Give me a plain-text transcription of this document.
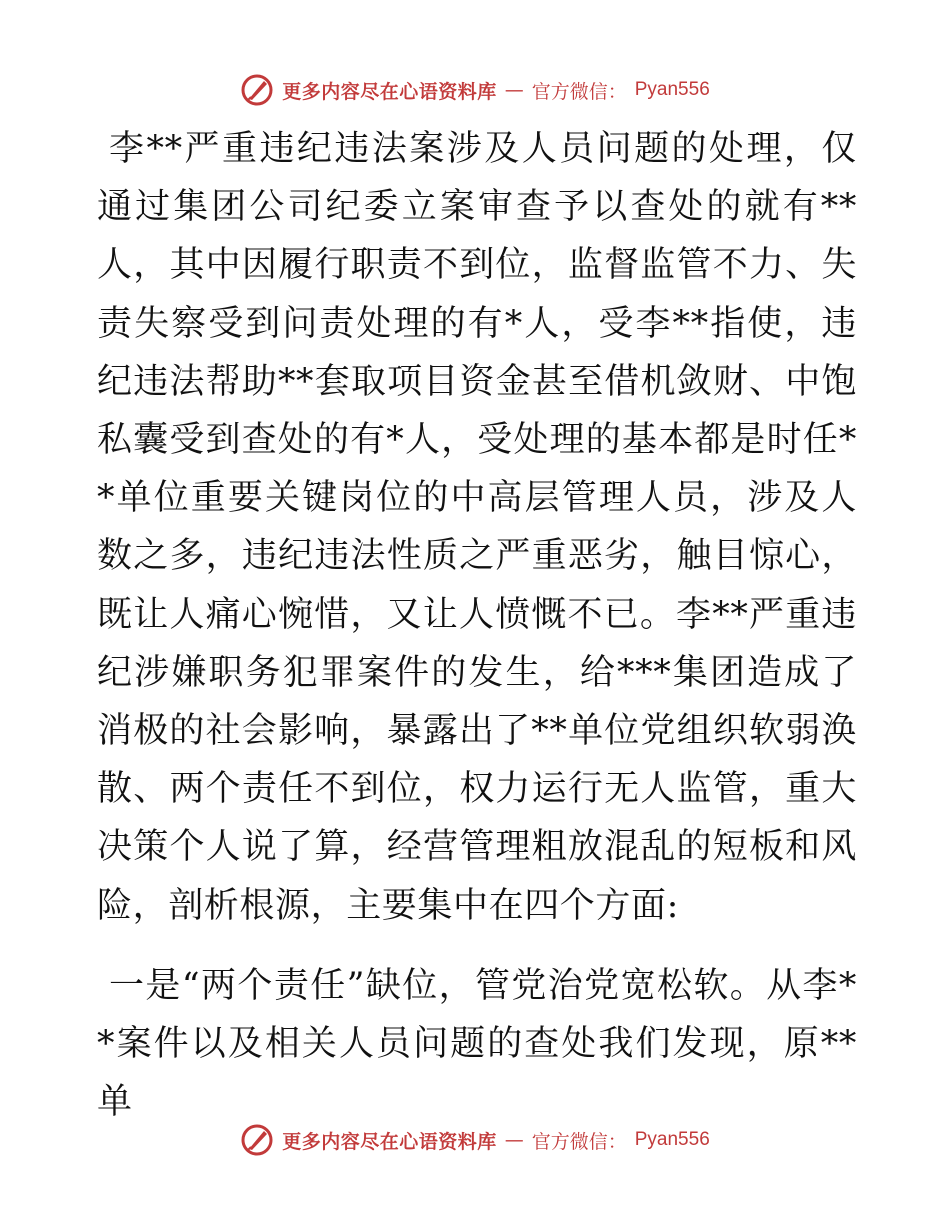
更多内容尽在心语资料库 — 官方微信： Pyan556

李**严重违纪违法案涉及人员问题的处理，仅通过集团公司纪委立案审查予以查处的就有**人，其中因履行职责不到位，监督监管不力、失责失察受到问责处理的有*人，受李**指使，违纪违法帮助**套取项目资金甚至借机敛财、中饱私囊受到查处的有*人，受处理的基本都是时任**单位重要关键岗位的中高层管理人员，涉及人数之多，违纪违法性质之严重恶劣，触目惊心，既让人痛心惋惜，又让人愤慨不已。李**严重违纪涉嫌职务犯罪案件的发生，给***集团造成了消极的社会影响，暴露出了**单位党组织软弱涣散、两个责任不到位，权力运行无人监管，重大决策个人说了算，经营管理粗放混乱的短板和风险，剖析根源，主要集中在四个方面:

一是“两个责任”缺位，管党治党宽松软。从李**案件以及相关人员问题的查处我们发现，原**单

更多内容尽在心语资料库 — 官方微信： Pyan556
